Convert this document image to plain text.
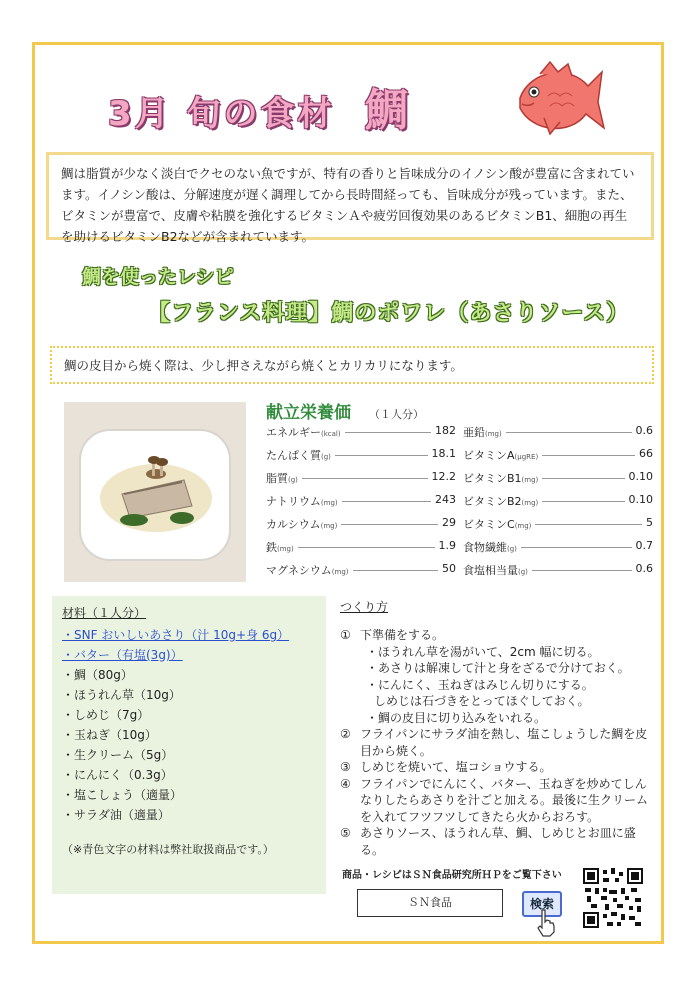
3月 旬の食材 鯛
鯛は脂質が少なく淡白でクセのない魚ですが、特有の香りと旨味成分のイノシン酸が豊富に含まれています。イノシン酸は、分解速度が遅く調理してから長時間経っても、旨味成分が残っています。また、ビタミンが豊富で、皮膚や粘膜を強化するビタミンＡや疲労回復効果のあるビタミンB1、細胞の再生を助けるビタミンB2などが含まれています。
鯛を使ったレシピ
【フランス料理】鯛のポワレ（あさりソース）
鯛の皮目から焼く際は、少し押さえながら焼くとカリカリになります。
献立栄養価 （１人分）
エネルギー(kcal)	182
たんぱく質(g)	18.1
脂質(g)	12.2
ナトリウム(mg)	243
カルシウム(mg)	29
鉄(mg)	1.9
マグネシウム(mg)	50
亜鉛(mg)	0.6
ビタミンA(μgRE)	66
ビタミンB1(mg)	0.10
ビタミンB2(mg)	0.10
ビタミンC(mg)	5
食物繊維(g)	0.7
食塩相当量(g)	0.6
材料（１人分）
・SNF おいしいあさり（汁 10g+身 6g）
・バター（有塩(3g)）
・鯛（80g）
・ほうれん草（10g）
・しめじ（7g）
・玉ねぎ（10g）
・生クリーム（5g）
・にんにく（0.3g）
・塩こしょう（適量）
・サラダ油（適量）
（※青色文字の材料は弊社取扱商品です。）
つくり方
① 下準備をする。
・ほうれん草を湯がいて、2cm 幅に切る。
・あさりは解凍して汁と身をざるで分けておく。
・にんにく、玉ねぎはみじん切りにする。
しめじは石づきをとってほぐしておく。
・鯛の皮目に切り込みをいれる。
② フライパンにサラダ油を熱し、塩こしょうした鯛を皮目から焼く。
③ しめじを焼いて、塩コショウする。
④ フライパンでにんにく、バター、玉ねぎを炒めてしんなりしたらあさりを汁ごと加える。最後に生クリームを入れてフツフツしてきたら火からおろす。
⑤ あさりソース、ほうれん草、鯛、しめじとお皿に盛る。
商品・レシピはＳＮ食品研究所ＨＰをご覧下さい
ＳＮ食品	検索
